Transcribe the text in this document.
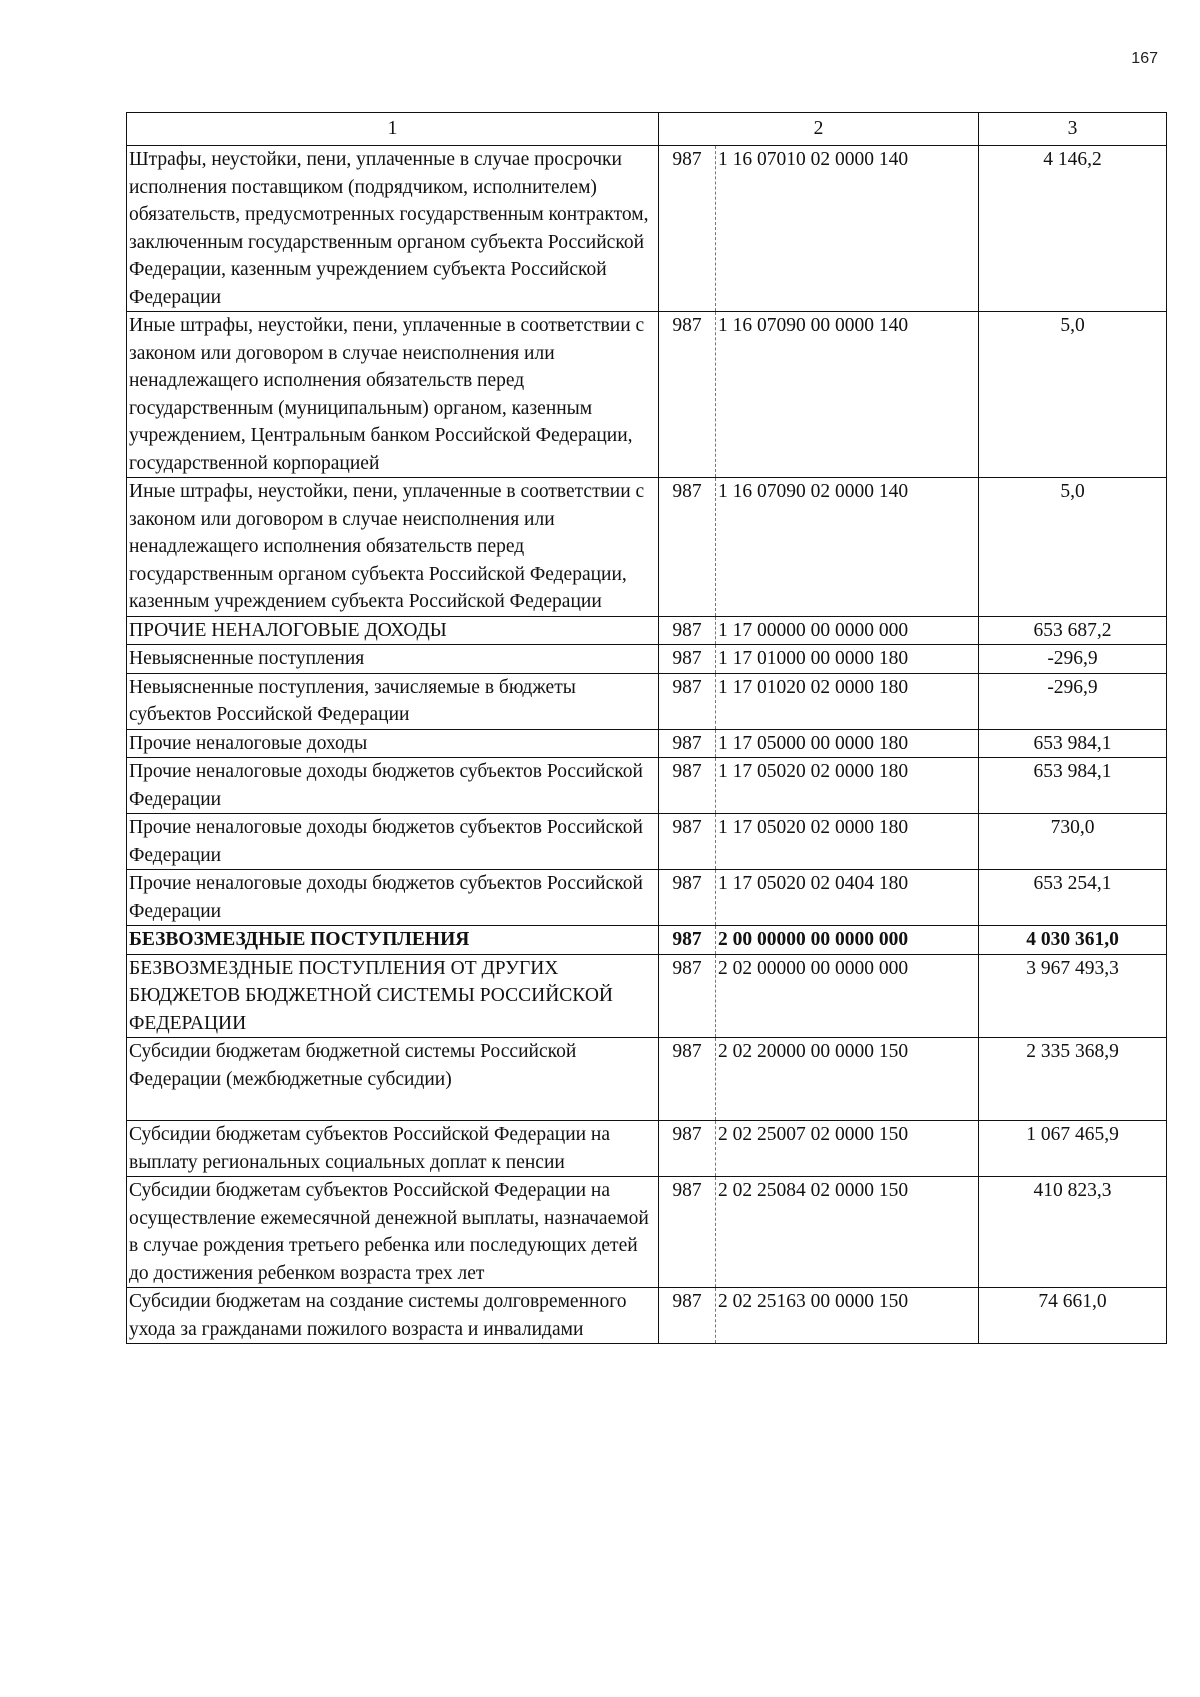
167
1	2		3
Штрафы, неустойки, пени, уплаченные в случае просрочки исполнения поставщиком (подрядчиком, исполнителем) обязательств, предусмотренных государственным контрактом, заключенным государственным органом субъекта Российской Федерации, казенным учреждением субъекта Российской Федерации	987	1 16 07010 02 0000 140	4 146,2
Иные штрафы, неустойки, пени, уплаченные в соответствии с законом или договором в случае неисполнения или ненадлежащего исполнения обязательств перед государственным (муниципальным) органом, казенным учреждением, Центральным банком Российской Федерации, государственной корпорацией	987	1 16 07090 00 0000 140	5,0
Иные штрафы, неустойки, пени, уплаченные в соответствии с законом или договором в случае неисполнения или ненадлежащего исполнения обязательств перед государственным органом субъекта Российской Федерации, казенным учреждением субъекта Российской Федерации	987	1 16 07090 02 0000 140	5,0
ПРОЧИЕ НЕНАЛОГОВЫЕ ДОХОДЫ	987	1 17 00000 00 0000 000	653 687,2
Невыясненные поступления	987	1 17 01000 00 0000 180	-296,9
Невыясненные поступления, зачисляемые в бюджеты субъектов Российской Федерации	987	1 17 01020 02 0000 180	-296,9
Прочие неналоговые доходы	987	1 17 05000 00 0000 180	653 984,1
Прочие неналоговые доходы бюджетов субъектов Российской Федерации	987	1 17 05020 02 0000 180	653 984,1
Прочие неналоговые доходы бюджетов субъектов Российской Федерации	987	1 17 05020 02 0000 180	730,0
Прочие неналоговые доходы бюджетов субъектов Российской Федерации	987	1 17 05020 02 0404 180	653 254,1
БЕЗВОЗМЕЗДНЫЕ ПОСТУПЛЕНИЯ	987	2 00 00000 00 0000 000	4 030 361,0
БЕЗВОЗМЕЗДНЫЕ ПОСТУПЛЕНИЯ ОТ ДРУГИХ БЮДЖЕТОВ БЮДЖЕТНОЙ СИСТЕМЫ РОССИЙСКОЙ ФЕДЕРАЦИИ	987	2 02 00000 00 0000 000	3 967 493,3
Субсидии бюджетам бюджетной системы Российской Федерации (межбюджетные субсидии)	987	2 02 20000 00 0000 150	2 335 368,9
Субсидии бюджетам субъектов Российской Федерации на выплату региональных социальных доплат к пенсии	987	2 02 25007 02 0000 150	1 067 465,9
Субсидии бюджетам субъектов Российской Федерации на осуществление ежемесячной денежной выплаты, назначаемой в случае рождения третьего ребенка или последующих детей до достижения ребенком возраста трех лет	987	2 02 25084 02 0000 150	410 823,3
Субсидии бюджетам на создание системы долговременного ухода за гражданами пожилого возраста и инвалидами	987	2 02 25163 00 0000 150	74 661,0
